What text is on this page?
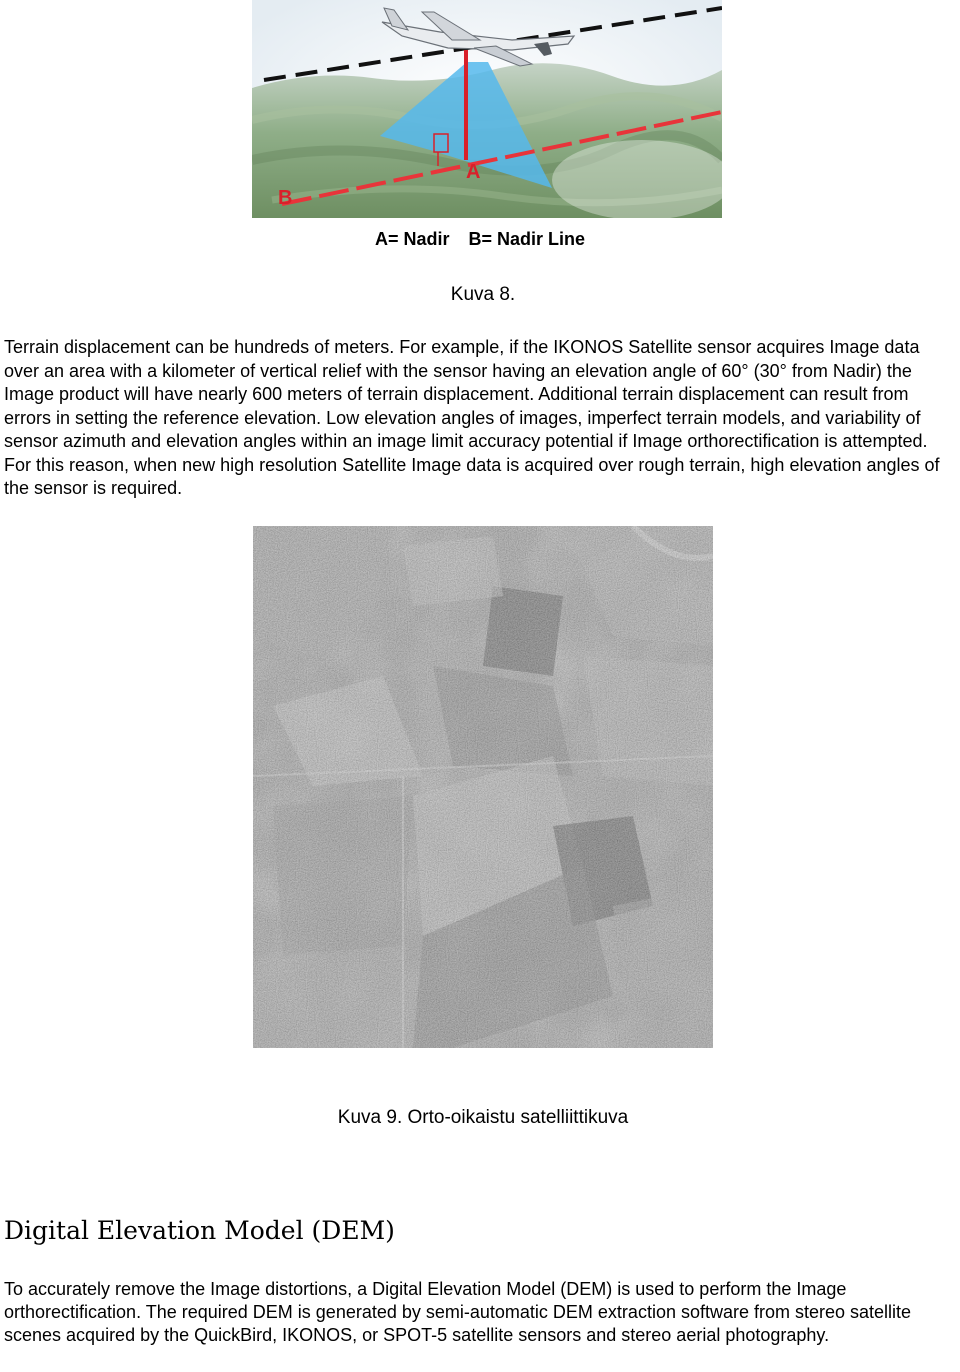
A
B
A= Nadir B= Nadir Line
Kuva 8.

Terrain displacement can be hundreds of meters. For example, if the IKONOS Satellite sensor acquires Image data over an area with a kilometer of vertical relief with the sensor having an elevation angle of 60° (30° from Nadir) the Image product will have nearly 600 meters of terrain displacement. Additional terrain displacement can result from errors in setting the reference elevation. Low elevation angles of images, imperfect terrain models, and variability of sensor azimuth and elevation angles within an image limit accuracy potential if Image orthorectification is attempted. For this reason, when new high resolution Satellite Image data is acquired over rough terrain, high elevation angles of the sensor is required.

Kuva 9. Orto-oikaistu satelliittikuva
Digital Elevation Model (DEM)

To accurately remove the Image distortions, a Digital Elevation Model (DEM) is used to perform the Image orthorectification. The required DEM is generated by semi-automatic DEM extraction software from stereo satellite scenes acquired by the QuickBird, IKONOS, or SPOT-5 satellite sensors and stereo aerial photography.
